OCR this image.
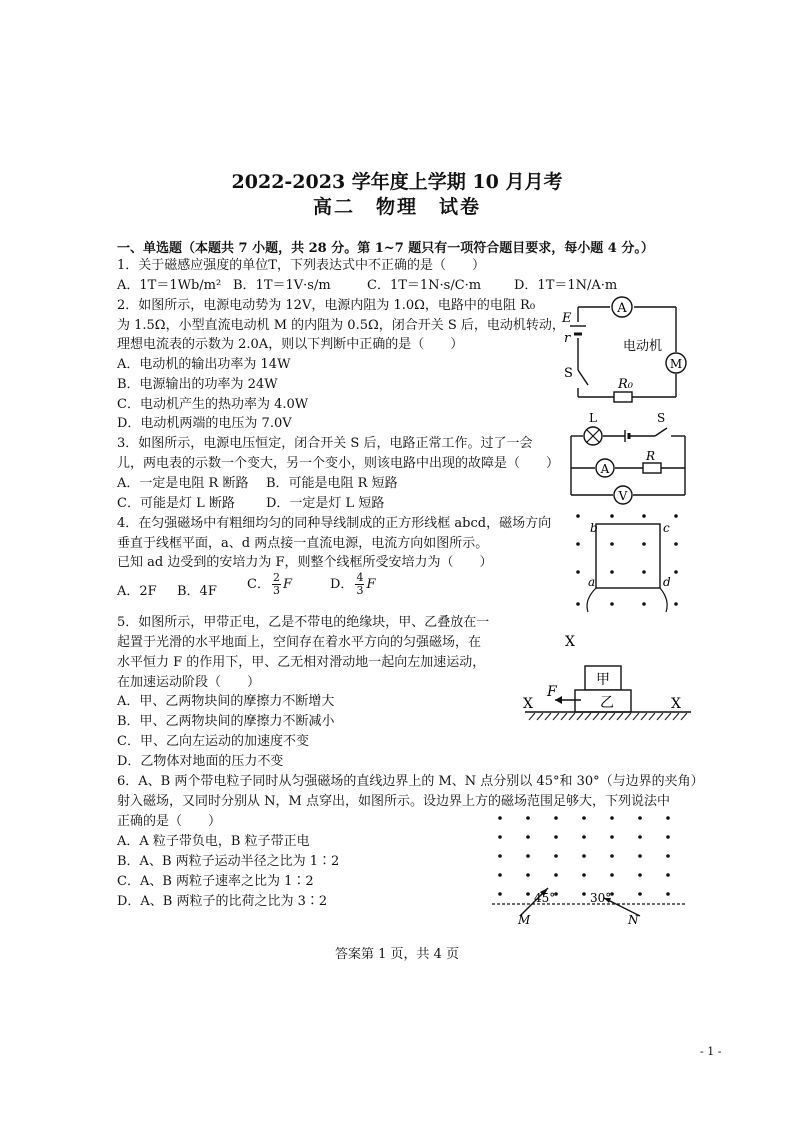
2022-2023 学年度上学期 10 月月考
高二　物理　试卷
一、单选题（本题共 7 小题，共 28 分。第 1~7 题只有一项符合题目要求，每小题 4 分。）
1．关于磁感应强度的单位T，下列表达式中不正确的是（　　）
A．1T＝1Wb/m² B．1T＝1V·s/m	C．1T＝1N·s/C·m	D．1T＝1N/A·m
2．如图所示，电源电动势为 12V，电源内阻为 1.0Ω，电路中的电阻 R₀
为 1.5Ω，小型直流电动机 M 的内阻为 0.5Ω，闭合开关 S 后，电动机转动，
理想电流表的示数为 2.0A，则以下判断中正确的是（　　）
A．电动机的输出功率为 14W
B．电源输出的功率为 24W
C．电动机产生的热功率为 4.0W
D．电动机两端的电压为 7.0V
A
M
E
r
S
R₀
电动机
3．如图所示，电源电压恒定，闭合开关 S 后，电路正常工作。过了一会
儿，两电表的示数一个变大，另一个变小，则该电路中出现的故障是（　　）
A．一定是电阻 R 断路 B．可能是电阻 R 短路
C．可能是灯 L 断路 D．一定是灯 L 短路
A
V
L	S
R
4．在匀强磁场中有粗细均匀的同种导线制成的正方形线框 abcd，磁场方向
垂直于线框平面，a、d 两点接一直流电源，电流方向如图所示。
已知 ad 边受到的安培力为 F，则整个线框所受安培力为（　　）
A．2F B．4F C． $\frac{2}{3}$ F	D． $\frac{4}{3}$ F
b	c
a	d
5．如图所示，甲带正电，乙是不带电的绝缘块，甲、乙叠放在一
起置于光滑的水平地面上，空间存在着水平方向的匀强磁场，在
水平恒力 F 的作用下，甲、乙无相对滑动地一起向左加速运动，
在加速运动阶段（　　）
A．甲、乙两物块间的摩擦力不断增大
B．甲、乙两物块间的摩擦力不断减小
C．甲、乙向左运动的加速度不变
D．乙物体对地面的压力不变
X
X	X
甲
乙
F
6．A、B 两个带电粒子同时从匀强磁场的直线边界上的 M、N 点分别以 45°和 30°（与边界的夹角）
射入磁场，又同时分别从 N，M 点穿出，如图所示。设边界上方的磁场范围足够大，下列说法中
正确的是（　　）
A．A 粒子带负电，B 粒子带正电
B．A、B 两粒子运动半径之比为 1∶2
C．A、B 两粒子速率之比为 1∶2
D．A、B 两粒子的比荷之比为 3∶2	45°	30°
M	N
答案第 1 页，共 4 页
- 1 -
